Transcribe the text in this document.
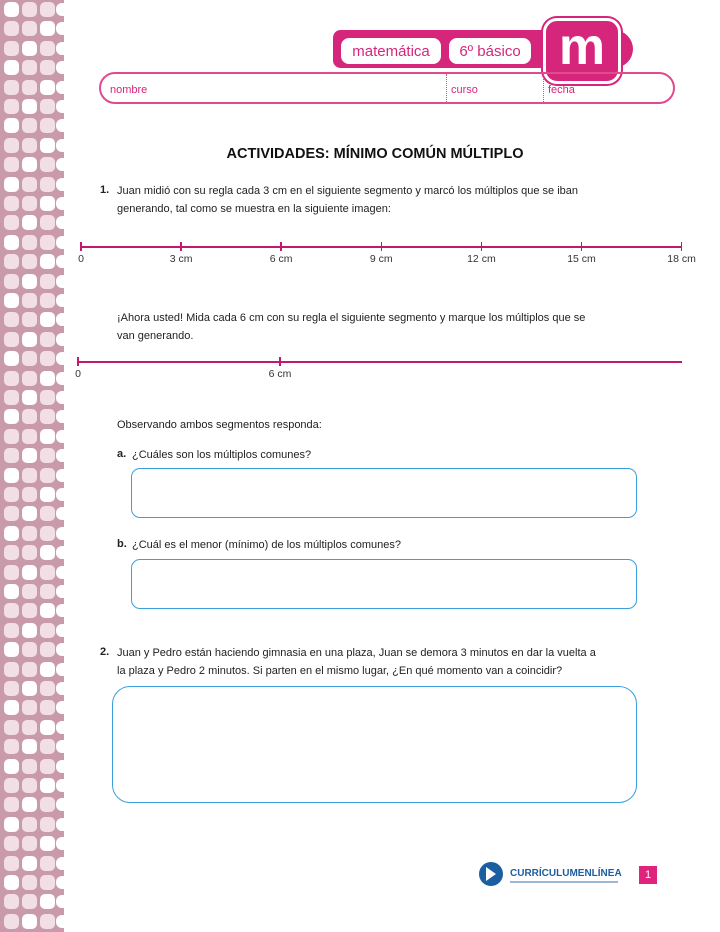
matemática 6º básico m
nombre	curso	fecha
ACTIVIDADES: MÍNIMO COMÚN MÚLTIPLO
1. Juan midió con su regla cada 3 cm en el siguiente segmento y marcó los múltiplos que se iban
generando, tal como se muestra en la siguiente imagen:
0	3 cm	6 cm	9 cm	12 cm	15 cm	18 cm
¡Ahora usted! Mida cada 6 cm con su regla el siguiente segmento y marque los múltiplos que se
van generando.
0	6 cm
Observando ambos segmentos responda:
a. ¿Cuáles son los múltiplos comunes?
b. ¿Cuál es el menor (mínimo) de los múltiplos comunes?
2. Juan y Pedro están haciendo gimnasia en una plaza, Juan se demora 3 minutos en dar la vuelta a
la plaza y Pedro 2 minutos. Si parten en el mismo lugar, ¿En qué momento van a coincidir?
CURRÍCULUMENLÍNEA	1
